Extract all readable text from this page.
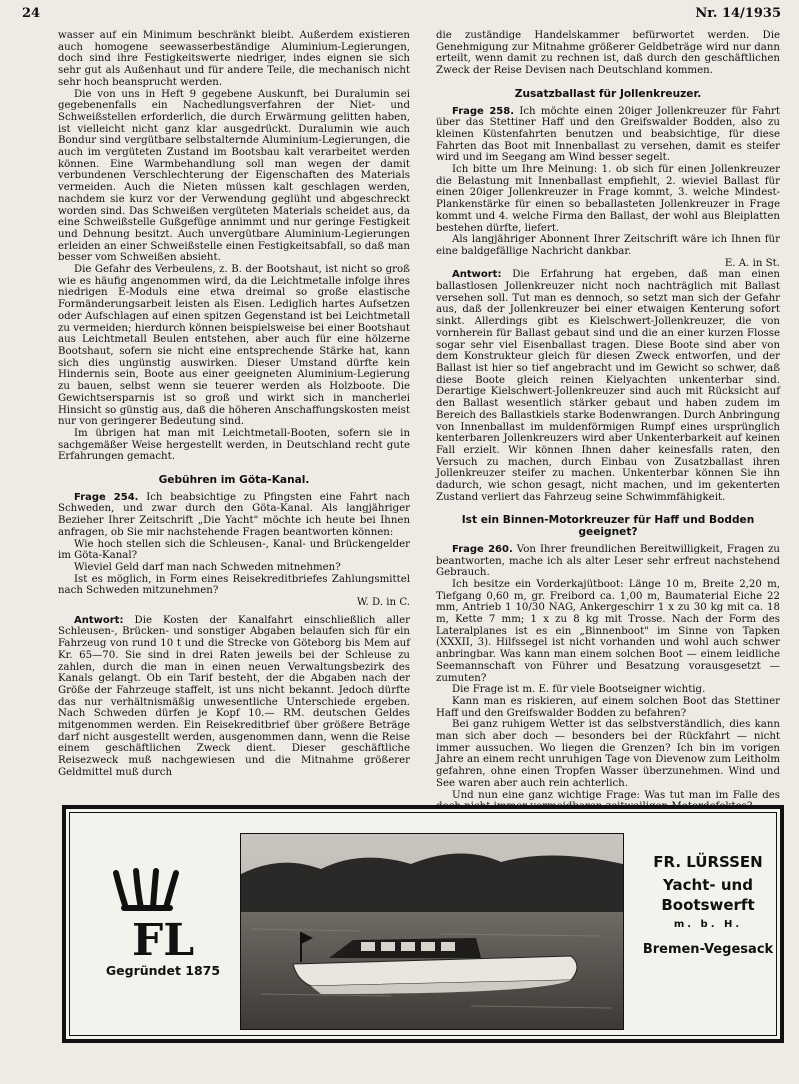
24	Nr. 14/1935

wasser auf ein Minimum beschränkt bleibt. Außerdem existieren auch homogene seewasserbeständige Aluminium-Legierungen, doch sind ihre Festigkeitswerte niedriger, indes eignen sie sich sehr gut als Außenhaut und für andere Teile, die mechanisch nicht sehr hoch beansprucht werden.

Die von uns in Heft 9 gegebene Auskunft, bei Duralumin sei gegebenenfalls ein Nachedlungsverfahren der Niet- und Schweißstellen erforderlich, die durch Erwärmung gelitten haben, ist vielleicht nicht ganz klar ausgedrückt. Duralumin wie auch Bondur sind vergütbare selbstalternde Aluminium-Legierungen, die auch im vergüteten Zustand im Bootsbau kalt verarbeitet werden können. Eine Warmbehandlung soll man wegen der damit verbundenen Verschlechterung der Eigenschaften des Materials vermeiden. Auch die Nieten müssen kalt geschlagen werden, nachdem sie kurz vor der Verwendung geglüht und abgeschreckt worden sind. Das Schweißen vergüteten Materials scheidet aus, da eine Schweißstelle Gußgefüge annimmt und nur geringe Festigkeit und Dehnung besitzt. Auch unvergütbare Aluminium-Legierungen erleiden an einer Schweißstelle einen Festigkeitsabfall, so daß man besser vom Schweißen absieht.

Die Gefahr des Verbeulens, z. B. der Bootshaut, ist nicht so groß wie es häufig angenommen wird, da die Leichtmetalle infolge ihres niedrigen E-Moduls eine etwa dreimal so große elastische Formänderungsarbeit leisten als Eisen. Lediglich hartes Aufsetzen oder Aufschlagen auf einen spitzen Gegenstand ist bei Leichtmetall zu vermeiden; hierdurch können beispielsweise bei einer Bootshaut aus Leichtmetall Beulen entstehen, aber auch für eine hölzerne Bootshaut, sofern sie nicht eine entsprechende Stärke hat, kann sich dies ungünstig auswirken. Dieser Umstand dürfte kein Hindernis sein, Boote aus einer geeigneten Aluminium-Legierung zu bauen, selbst wenn sie teuerer werden als Holzboote. Die Gewichtsersparnis ist so groß und wirkt sich in mancherlei Hinsicht so günstig aus, daß die höheren Anschaffungskosten meist nur von geringerer Bedeutung sind.

Im übrigen hat man mit Leichtmetall-Booten, sofern sie in sachgemäßer Weise hergestellt werden, in Deutschland recht gute Erfahrungen gemacht.

Gebühren im Göta-Kanal.

Frage 254. Ich beabsichtige zu Pfingsten eine Fahrt nach Schweden, und zwar durch den Göta-Kanal. Als langjähriger Bezieher Ihrer Zeitschrift „Die Yacht" möchte ich heute bei Ihnen anfragen, ob Sie mir nachstehende Fragen beantworten können:

Wie hoch stellen sich die Schleusen-, Kanal- und Brückengelder im Göta-Kanal?

Wieviel Geld darf man nach Schweden mitnehmen?

Ist es möglich, in Form eines Reisekreditbriefes Zahlungsmittel nach Schweden mitzunehmen?

W. D. in C.

Antwort: Die Kosten der Kanalfahrt einschließlich aller Schleusen-, Brücken- und sonstiger Abgaben belaufen sich für ein Fahrzeug von rund 10 t und die Strecke von Göteborg bis Mem auf Kr. 65—70. Sie sind in drei Raten jeweils bei der Schleuse zu zahlen, durch die man in einen neuen Verwaltungsbezirk des Kanals gelangt. Ob ein Tarif besteht, der die Abgaben nach der Größe der Fahrzeuge staffelt, ist uns nicht bekannt. Jedoch dürfte das nur verhältnismäßig unwesentliche Unterschiede ergeben. Nach Schweden dürfen je Kopf 10.— RM. deutschen Geldes mitgenommen werden. Ein Reisekreditbrief über größere Beträge darf nicht ausgestellt werden, ausgenommen dann, wenn die Reise einem geschäftlichen Zweck dient. Dieser geschäftliche Reisezweck muß nachgewiesen und die Mitnahme größerer Geldmittel muß durch

die zuständige Handelskammer befürwortet werden. Die Genehmigung zur Mitnahme größerer Geldbeträge wird nur dann erteilt, wenn damit zu rechnen ist, daß durch den geschäftlichen Zweck der Reise Devisen nach Deutschland kommen.

Zusatzballast für Jollenkreuzer.

Frage 258. Ich möchte einen 20iger Jollenkreuzer für Fahrt über das Stettiner Haff und den Greifswalder Bodden, also zu kleinen Küstenfahrten benutzen und beabsichtige, für diese Fahrten das Boot mit Innenballast zu versehen, damit es steifer wird und im Seegang am Wind besser segelt.

Ich bitte um Ihre Meinung: 1. ob sich für einen Jollenkreuzer die Belastung mit Innenballast empfiehlt, 2. wieviel Ballast für einen 20iger Jollenkreuzer in Frage kommt, 3. welche Mindest-Plankenstärke für einen so beballasteten Jollenkreuzer in Frage kommt und 4. welche Firma den Ballast, der wohl aus Bleiplatten bestehen dürfte, liefert.

Als langjähriger Abonnent Ihrer Zeitschrift wäre ich Ihnen für eine baldgefällige Nachricht dankbar.

E. A. in St.

Antwort: Die Erfahrung hat ergeben, daß man einen ballastlosen Jollenkreuzer nicht noch nachträglich mit Ballast versehen soll. Tut man es dennoch, so setzt man sich der Gefahr aus, daß der Jollenkreuzer bei einer etwaigen Kenterung sofort sinkt. Allerdings gibt es Kielschwert-Jollenkreuzer, die von vornherein für Ballast gebaut sind und die an einer kurzen Flosse sogar sehr viel Eisenballast tragen. Diese Boote sind aber von dem Konstrukteur gleich für diesen Zweck entworfen, und der Ballast ist hier so tief angebracht und im Gewicht so schwer, daß diese Boote gleich reinen Kielyachten unkenterbar sind. Derartige Kielschwert-Jollenkreuzer sind auch mit Rücksicht auf den Ballast wesentlich stärker gebaut und haben zudem im Bereich des Ballastkiels starke Bodenwrangen. Durch Anbringung von Innenballast im muldenförmigen Rumpf eines ursprünglich kenterbaren Jollenkreuzers wird aber Unkenterbarkeit auf keinen Fall erzielt. Wir können Ihnen daher keinesfalls raten, den Versuch zu machen, durch Einbau von Zusatzballast ihren Jollenkreuzer steifer zu machen. Unkenterbar können Sie ihn dadurch, wie schon gesagt, nicht machen, und im gekenterten Zustand verliert das Fahrzeug seine Schwimmfähigkeit.

Ist ein Binnen-Motorkreuzer für Haff und Bodden geeignet?

Frage 260. Von Ihrer freundlichen Bereitwilligkeit, Fragen zu beantworten, mache ich als alter Leser sehr erfreut nachstehend Gebrauch.

Ich besitze ein Vorderkajütboot: Länge 10 m, Breite 2,20 m, Tiefgang 0,60 m, gr. Freibord ca. 1,00 m, Baumaterial Eiche 22 mm, Antrieb 1 10/30 NAG, Ankergeschirr 1 x zu 30 kg mit ca. 18 m, Kette 7 mm; 1 x zu 8 kg mit Trosse. Nach der Form des Lateralplanes ist es ein „Binnenboot" im Sinne von Tapken (XXXII, 3). Hilfssegel ist nicht vorhanden und wohl auch schwer anbringbar. Was kann man einem solchen Boot — einem leidliche Seemannschaft von Führer und Besatzung vorausgesetzt — zumuten?

Die Frage ist m. E. für viele Bootseigner wichtig.

Kann man es riskieren, auf einem solchen Boot das Stettiner Haff und den Greifswalder Bodden zu befahren?

Bei ganz ruhigem Wetter ist das selbstverständlich, dies kann man sich aber doch — besonders bei der Rückfahrt — nicht immer aussuchen. Wo liegen die Grenzen? Ich bin im vorigen Jahre an einem recht unruhigen Tage von Dievenow zum Leitholm gefahren, ohne einen Tropfen Wasser überzunehmen. Wind und See waren aber auch rein achterlich.

Und nun eine ganz wichtige Frage: Was tut man im Falle des

FL
Gegründet 1875
FR. LÜRSSEN
Yacht- und
Bootswerft
m. b. H.
Bremen-Vegesack
